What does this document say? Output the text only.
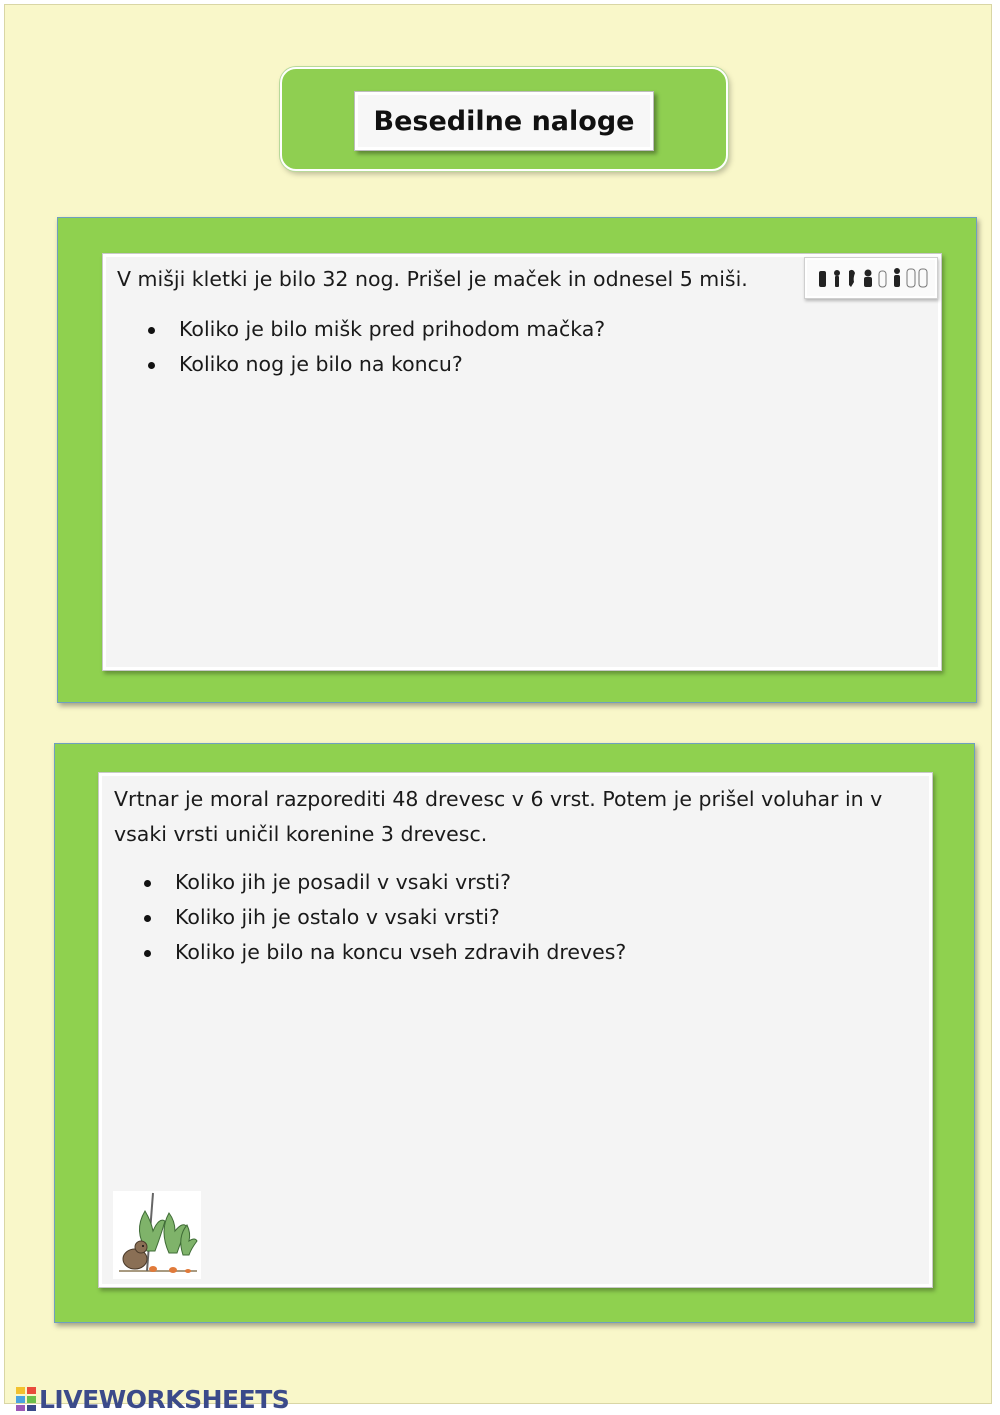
Besedilne naloge

V mišji kletki je bilo 32 nog. Prišel je maček in odnesel 5 miši.

Koliko je bilo mišk pred prihodom mačka?
Koliko nog je bilo na koncu?

Vrtnar je moral razporediti 48 drevesc v 6 vrst. Potem je prišel voluhar in v vsaki vrsti uničil korenine 3 drevesc.

Koliko jih je posadil v vsaki vrsti?
Koliko jih je ostalo v vsaki vrsti?
Koliko je bilo na koncu vseh zdravih dreves?
LIVEWORKSHEETS
